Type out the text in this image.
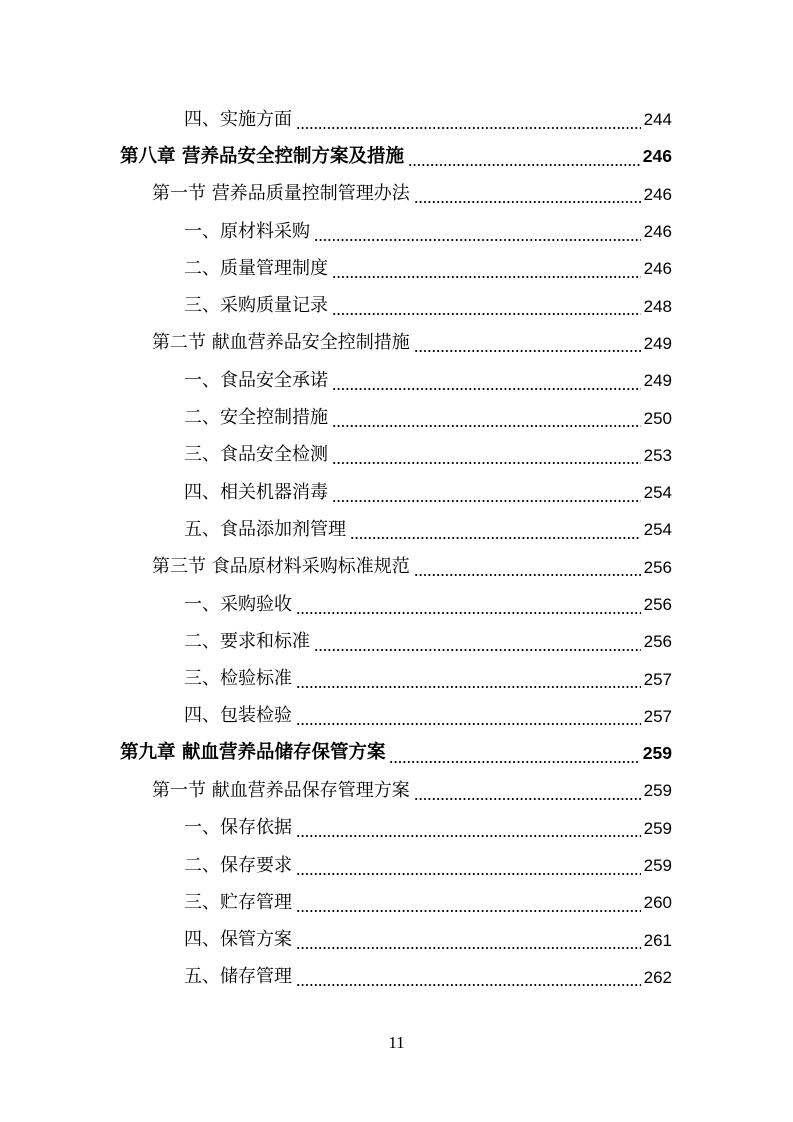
四、实施方面	244
第八章 营养品安全控制方案及措施	246
第一节 营养品质量控制管理办法	246
一、原材料采购	246
二、质量管理制度	246
三、采购质量记录	248
第二节 献血营养品安全控制措施	249
一、食品安全承诺	249
二、安全控制措施	250
三、食品安全检测	253
四、相关机器消毒	254
五、食品添加剂管理	254
第三节 食品原材料采购标准规范	256
一、采购验收	256
二、要求和标准	256
三、检验标准	257
四、包装检验	257
第九章 献血营养品储存保管方案	259
第一节 献血营养品保存管理方案	259
一、保存依据	259
二、保存要求	259
三、贮存管理	260
四、保管方案	261
五、储存管理	262
11
